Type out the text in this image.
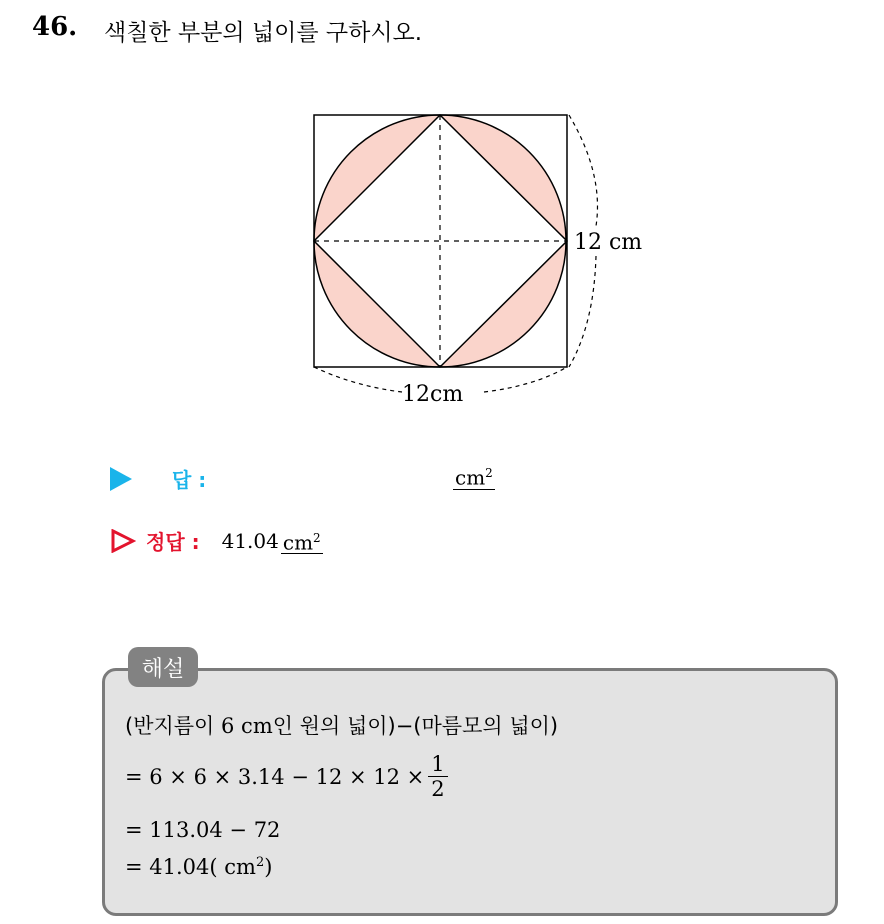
46. 색칠한 부분의 넓이를 구하시오.
12 cm
12cm
답 :	$cm^2$
정답 : 41.04 $cm^2$
해설
(반지름이 6 cm인 원의 넓이)−(마름모의 넓이)
= $6 \times 6 \times 3.14 - 12 \times 12 \times \frac{1}{2}$
= 113.04 − 72
= 41.04( $cm^2$)
